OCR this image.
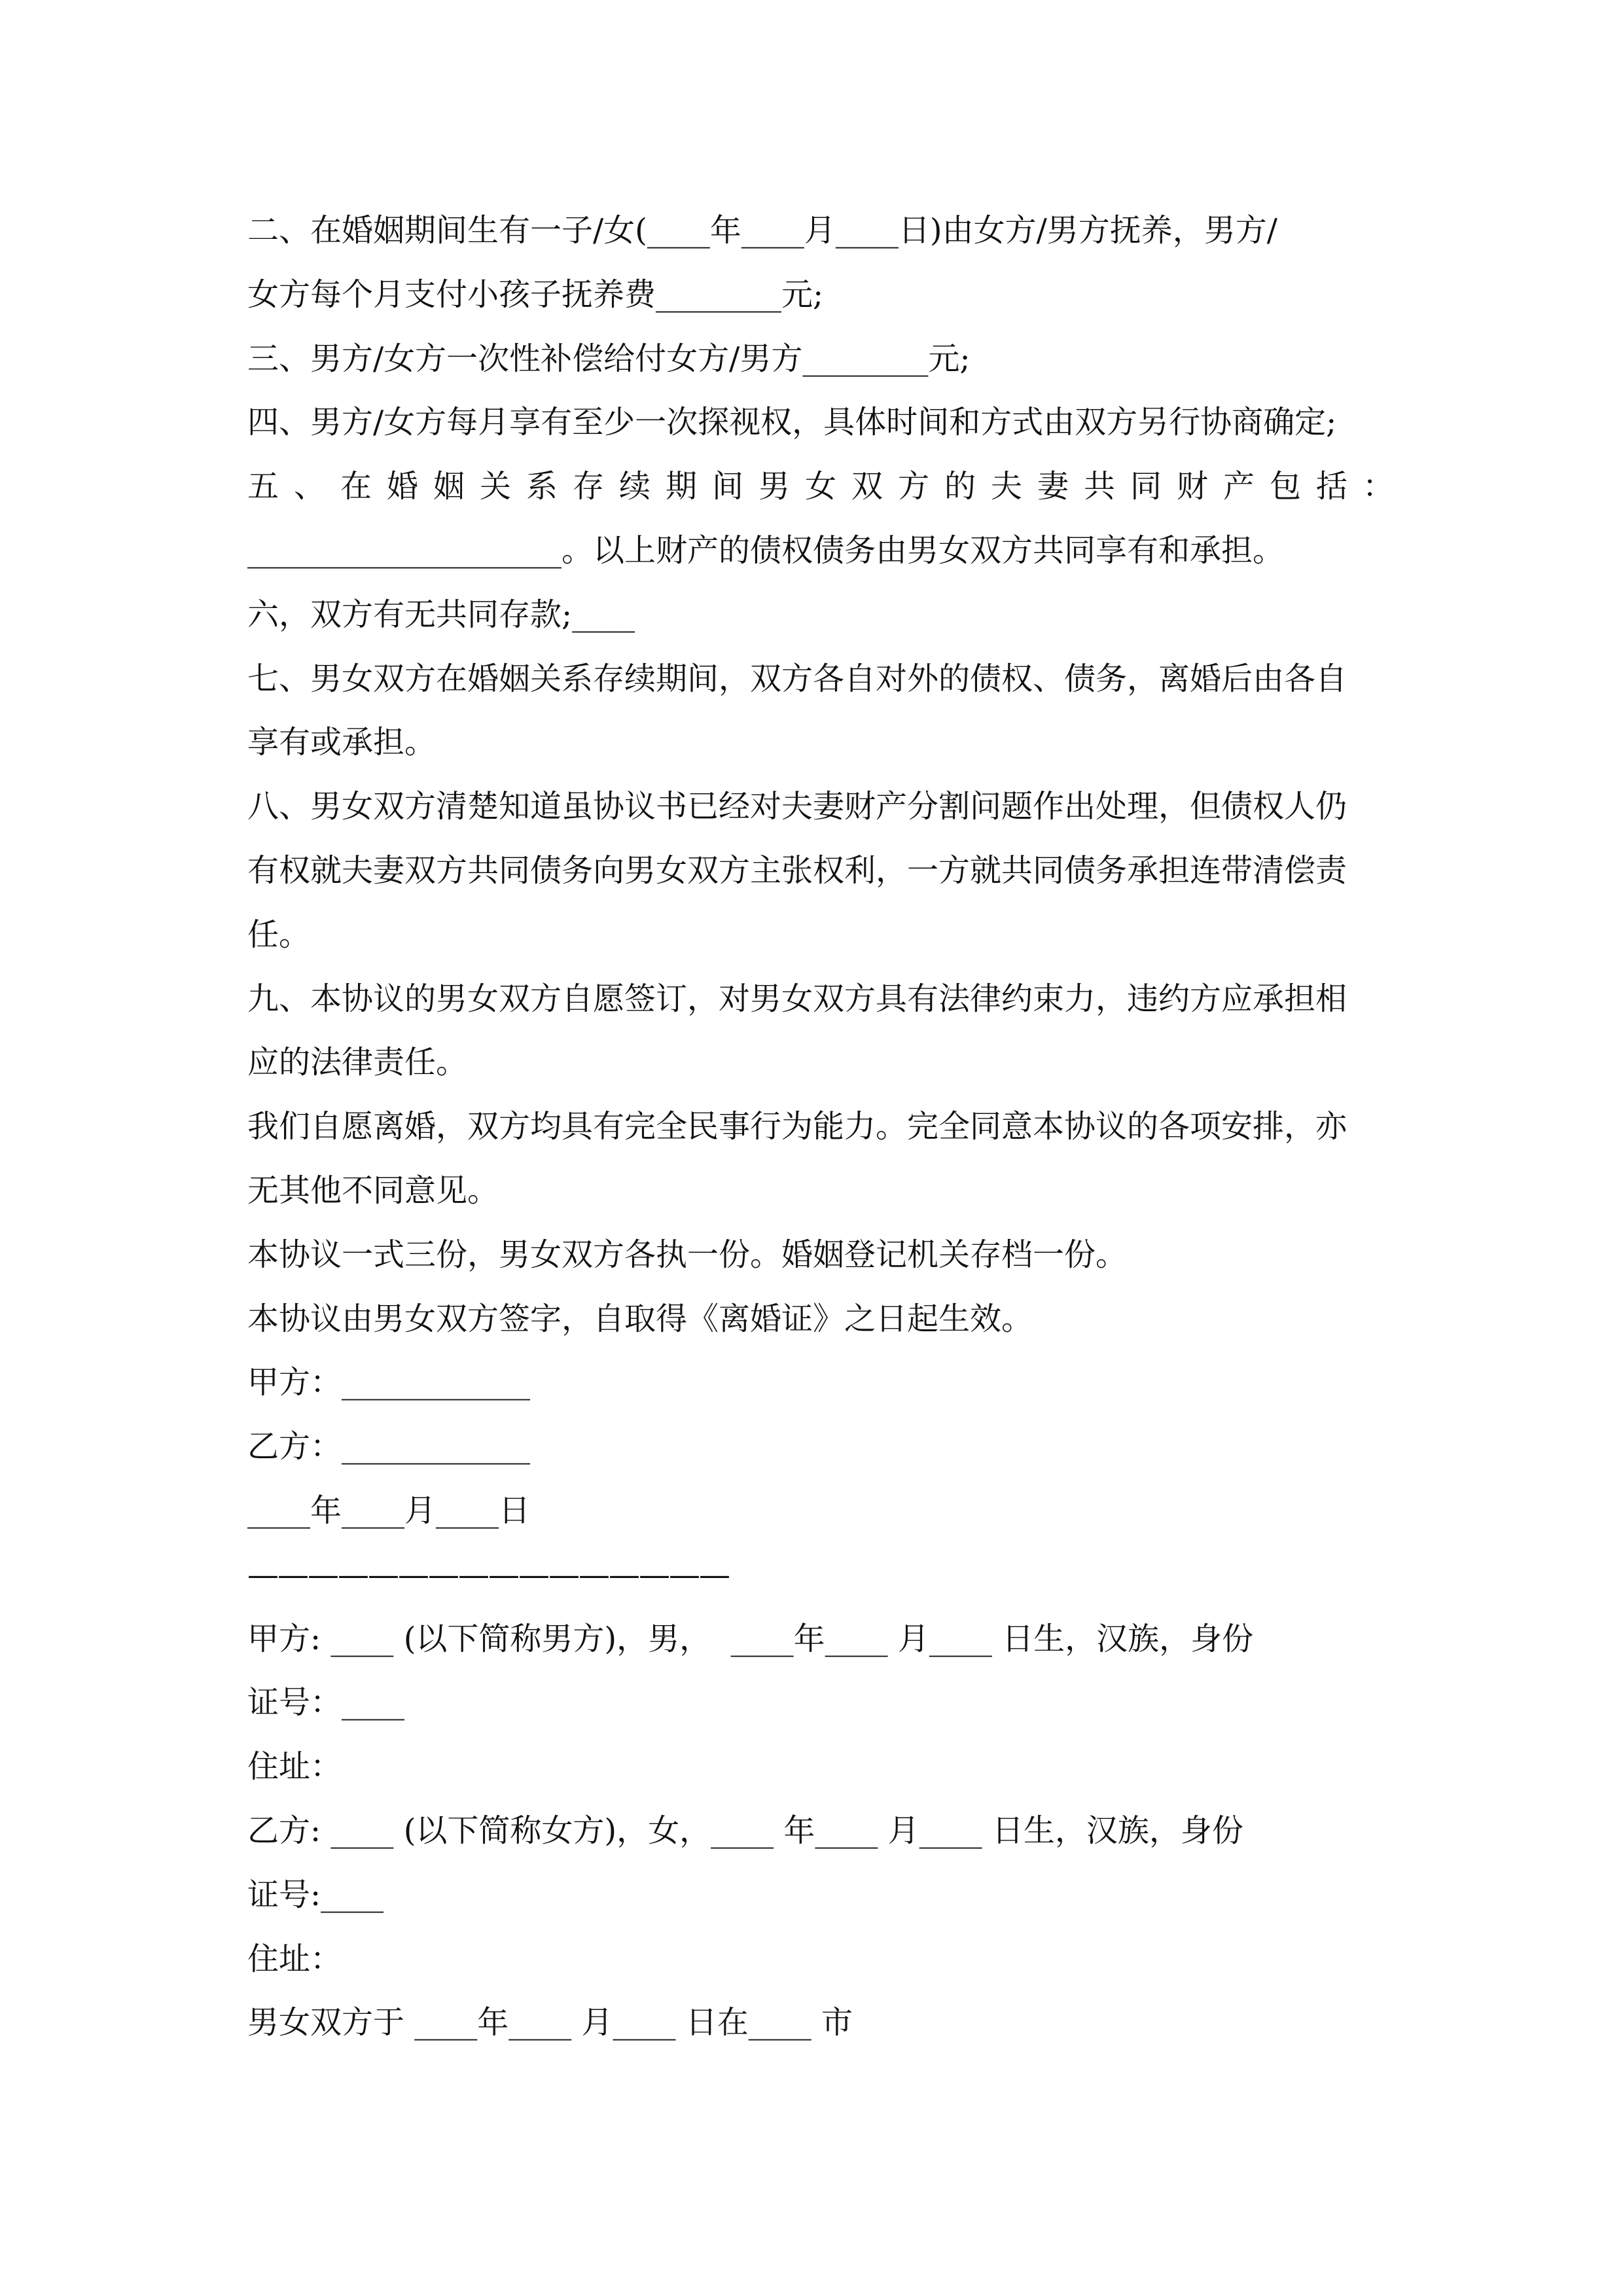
二、在婚姻期间生有一子/女(____年____月____日)由女方/男方抚养，男方/
女方每个月支付小孩子抚养费________元;
三、男方/女方一次性补偿给付女方/男方________元;
四、男方/女方每月享有至少一次探视权，具体时间和方式由双方另行协商确定;
五、在婚姻关系存续期间男女双方的夫妻共同财产包括：
____________________。以上财产的债权债务由男女双方共同享有和承担。
六，双方有无共同存款;____
七、男女双方在婚姻关系存续期间，双方各自对外的债权、债务，离婚后由各自
享有或承担。
八、男女双方清楚知道虽协议书已经对夫妻财产分割问题作出处理，但债权人仍
有权就夫妻双方共同债务向男女双方主张权利，一方就共同债务承担连带清偿责
任。
九、本协议的男女双方自愿签订，对男女双方具有法律约束力，违约方应承担相
应的法律责任。
我们自愿离婚，双方均具有完全民事行为能力。完全同意本协议的各项安排，亦
无其他不同意见。
本协议一式三份，男女双方各执一份。婚姻登记机关存档一份。
本协议由男女双方签字，自取得《离婚证》之日起生效。
甲方：____________
乙方：____________
____年____月____日
————————————————
甲方: ____ (以下简称男方)，男，  ____年____ 月____ 日生，汉族，身份
证号：____
住址：
乙方: ____ (以下简称女方)，女，____ 年____ 月____ 日生，汉族，身份
证号:____
住址：
男女双方于 ____年____ 月____ 日在____ 市
